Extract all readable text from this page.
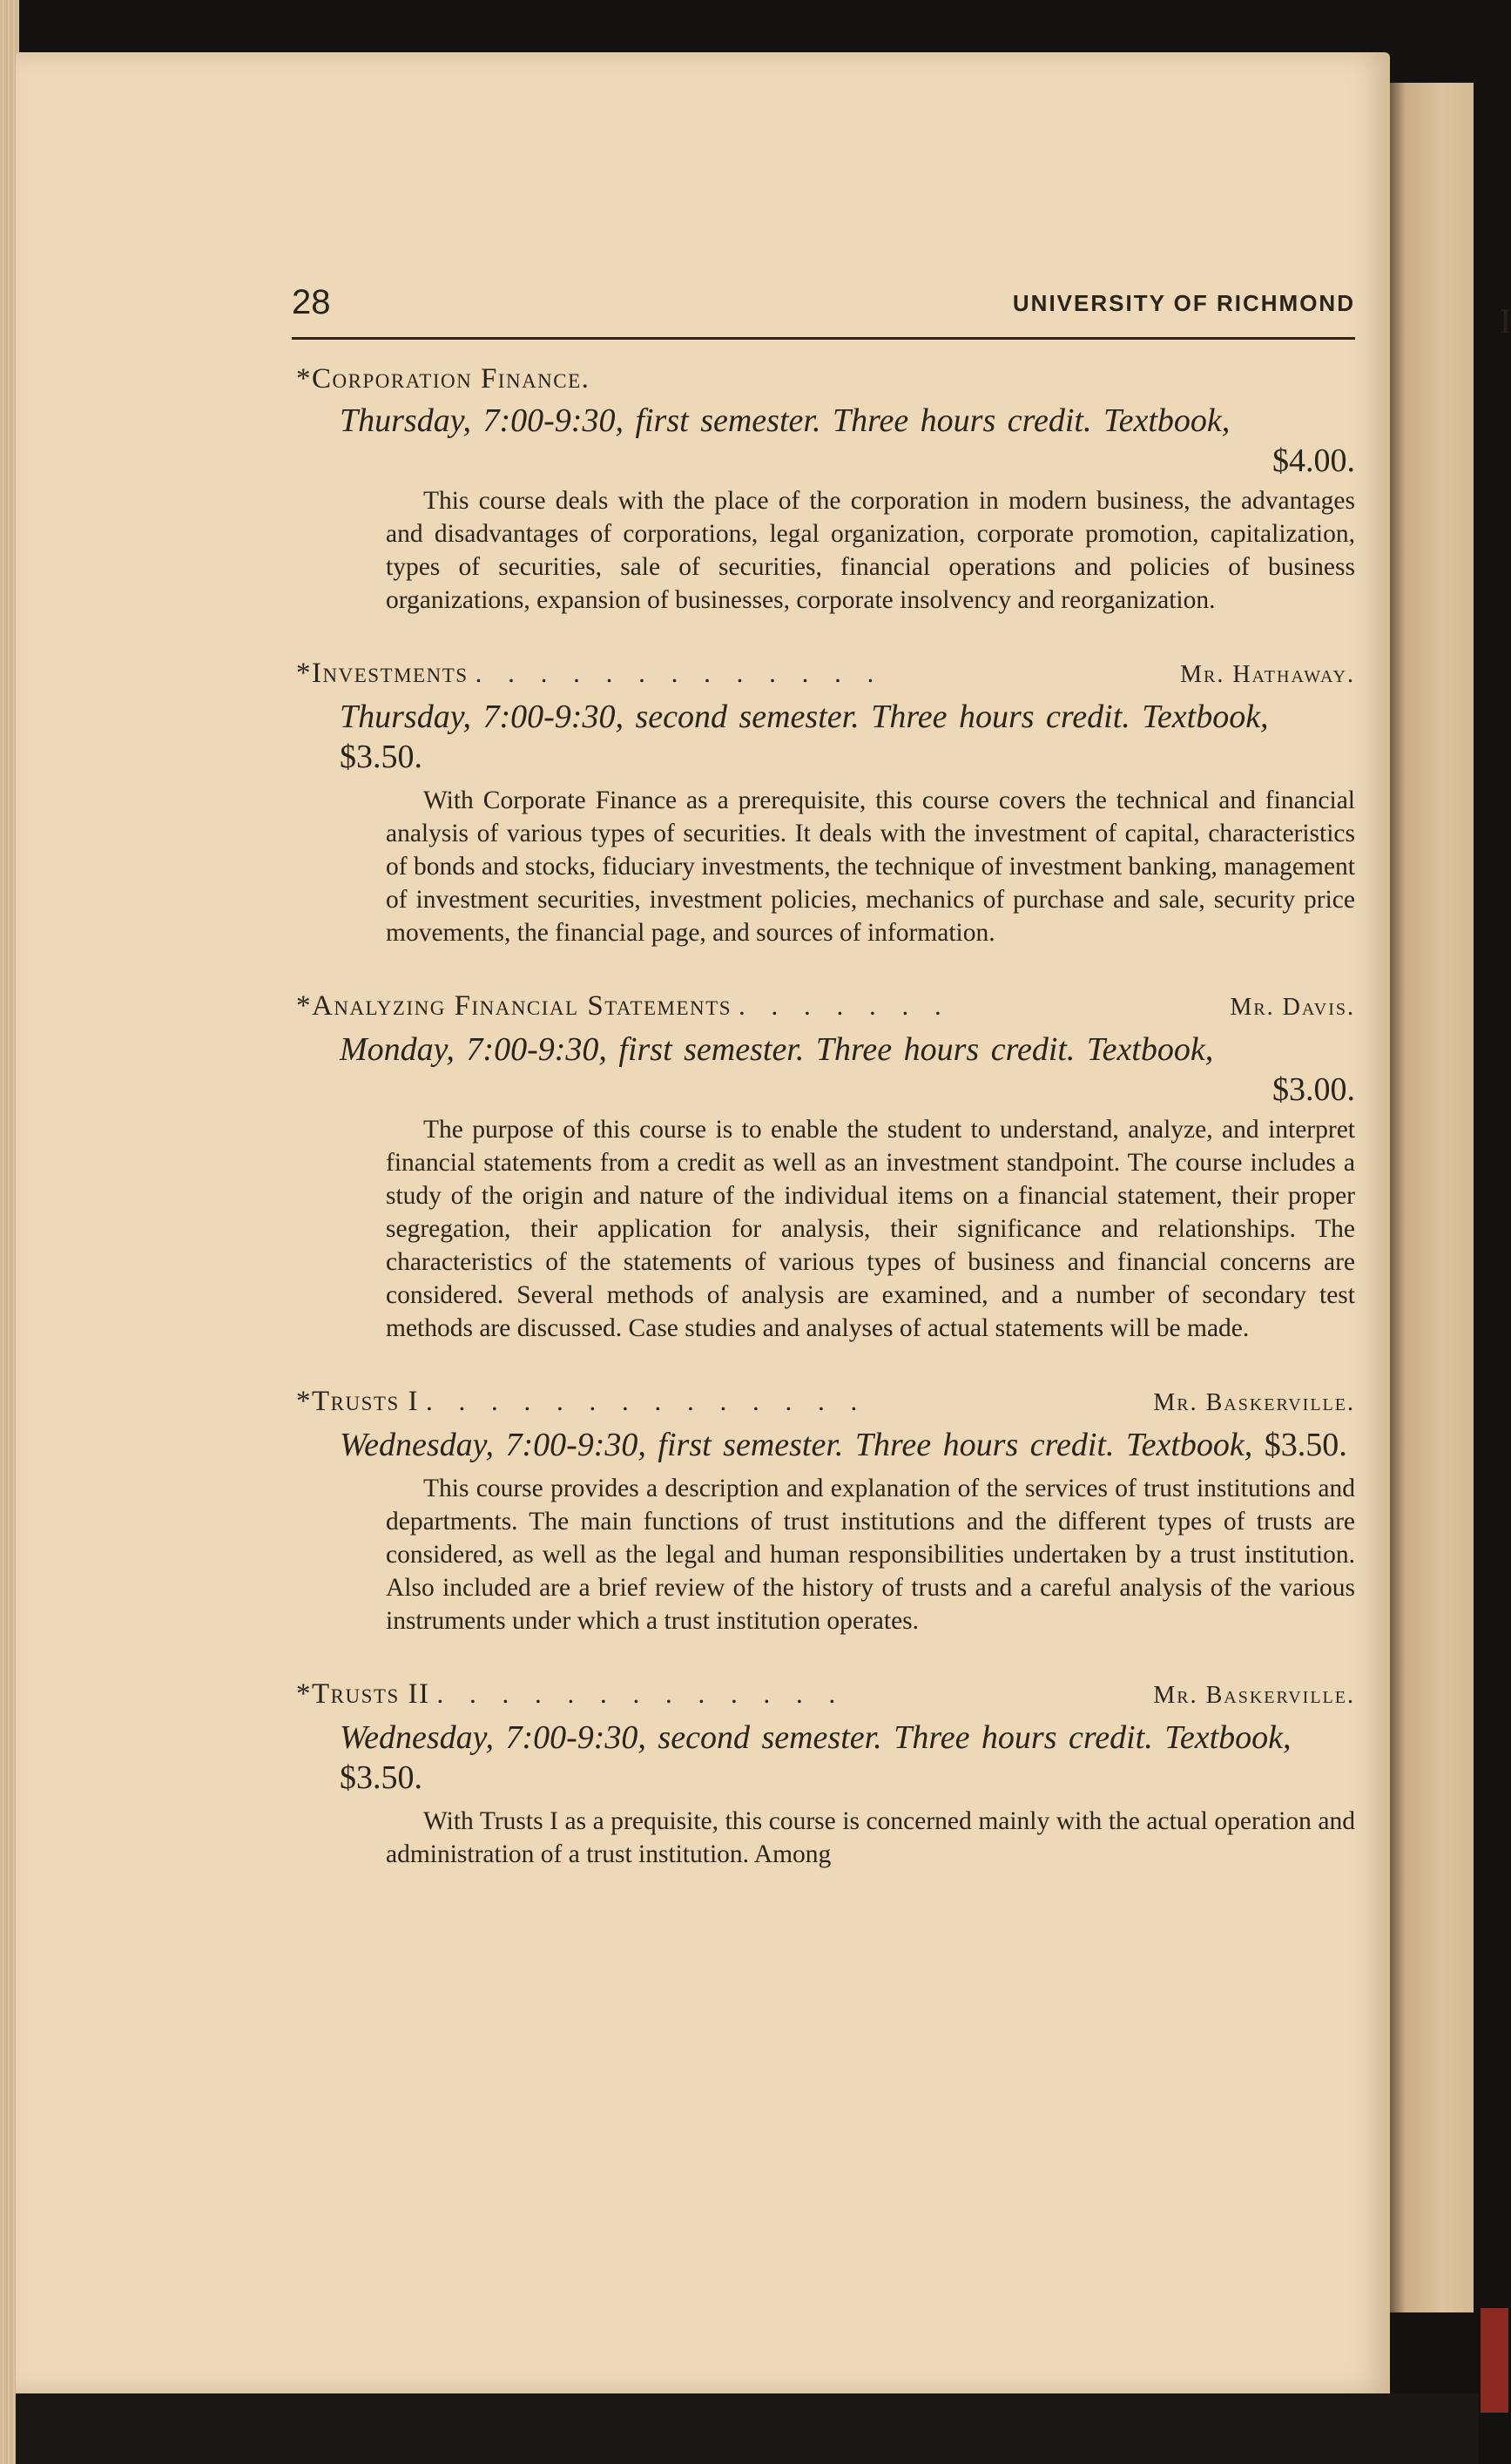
I
28	UNIVERSITY OF RICHMOND
*Corporation Finance.
Thursday, 7:00-9:30, first semester. Three hours credit. Textbook,
$4.00.

This course deals with the place of the corporation in modern business, the advantages and disadvantages of corporations, legal organization, corporate promotion, capitalization, types of securities, sale of securities, financial operations and policies of business organizations, expansion of businesses, corporate insolvency and reorganization.

*Investments . . . . . . . . . . . . .	Mr. Hathaway.
Thursday, 7:00-9:30, second semester. Three hours credit. Textbook, $3.50.

With Corporate Finance as a prerequisite, this course covers the technical and financial analysis of various types of securities. It deals with the investment of capital, characteristics of bonds and stocks, fiduciary investments, the technique of investment banking, management of investment securities, investment policies, mechanics of purchase and sale, security price movements, the financial page, and sources of information.

*Analyzing Financial Statements . . . . . . .	Mr. Davis.
Monday, 7:00-9:30, first semester. Three hours credit. Textbook,
$3.00.

The purpose of this course is to enable the student to understand, analyze, and interpret financial statements from a credit as well as an investment standpoint. The course includes a study of the origin and nature of the individual items on a financial statement, their proper segregation, their application for analysis, their significance and relationships. The characteristics of the statements of various types of business and financial concerns are considered. Several methods of analysis are examined, and a number of secondary test methods are discussed. Case studies and analyses of actual statements will be made.

*Trusts I . . . . . . . . . . . . . .	Mr. Baskerville.
Wednesday, 7:00-9:30, first semester. Three hours credit. Textbook, $3.50.

This course provides a description and explanation of the services of trust institutions and departments. The main functions of trust institutions and the different types of trusts are considered, as well as the legal and human responsibilities undertaken by a trust institution. Also included are a brief review of the history of trusts and a careful analysis of the various instruments under which a trust institution operates.

*Trusts II . . . . . . . . . . . . .	Mr. Baskerville.
Wednesday, 7:00-9:30, second semester. Three hours credit. Textbook, $3.50.

With Trusts I as a prequisite, this course is concerned mainly with the actual operation and administration of a trust institution. Among
